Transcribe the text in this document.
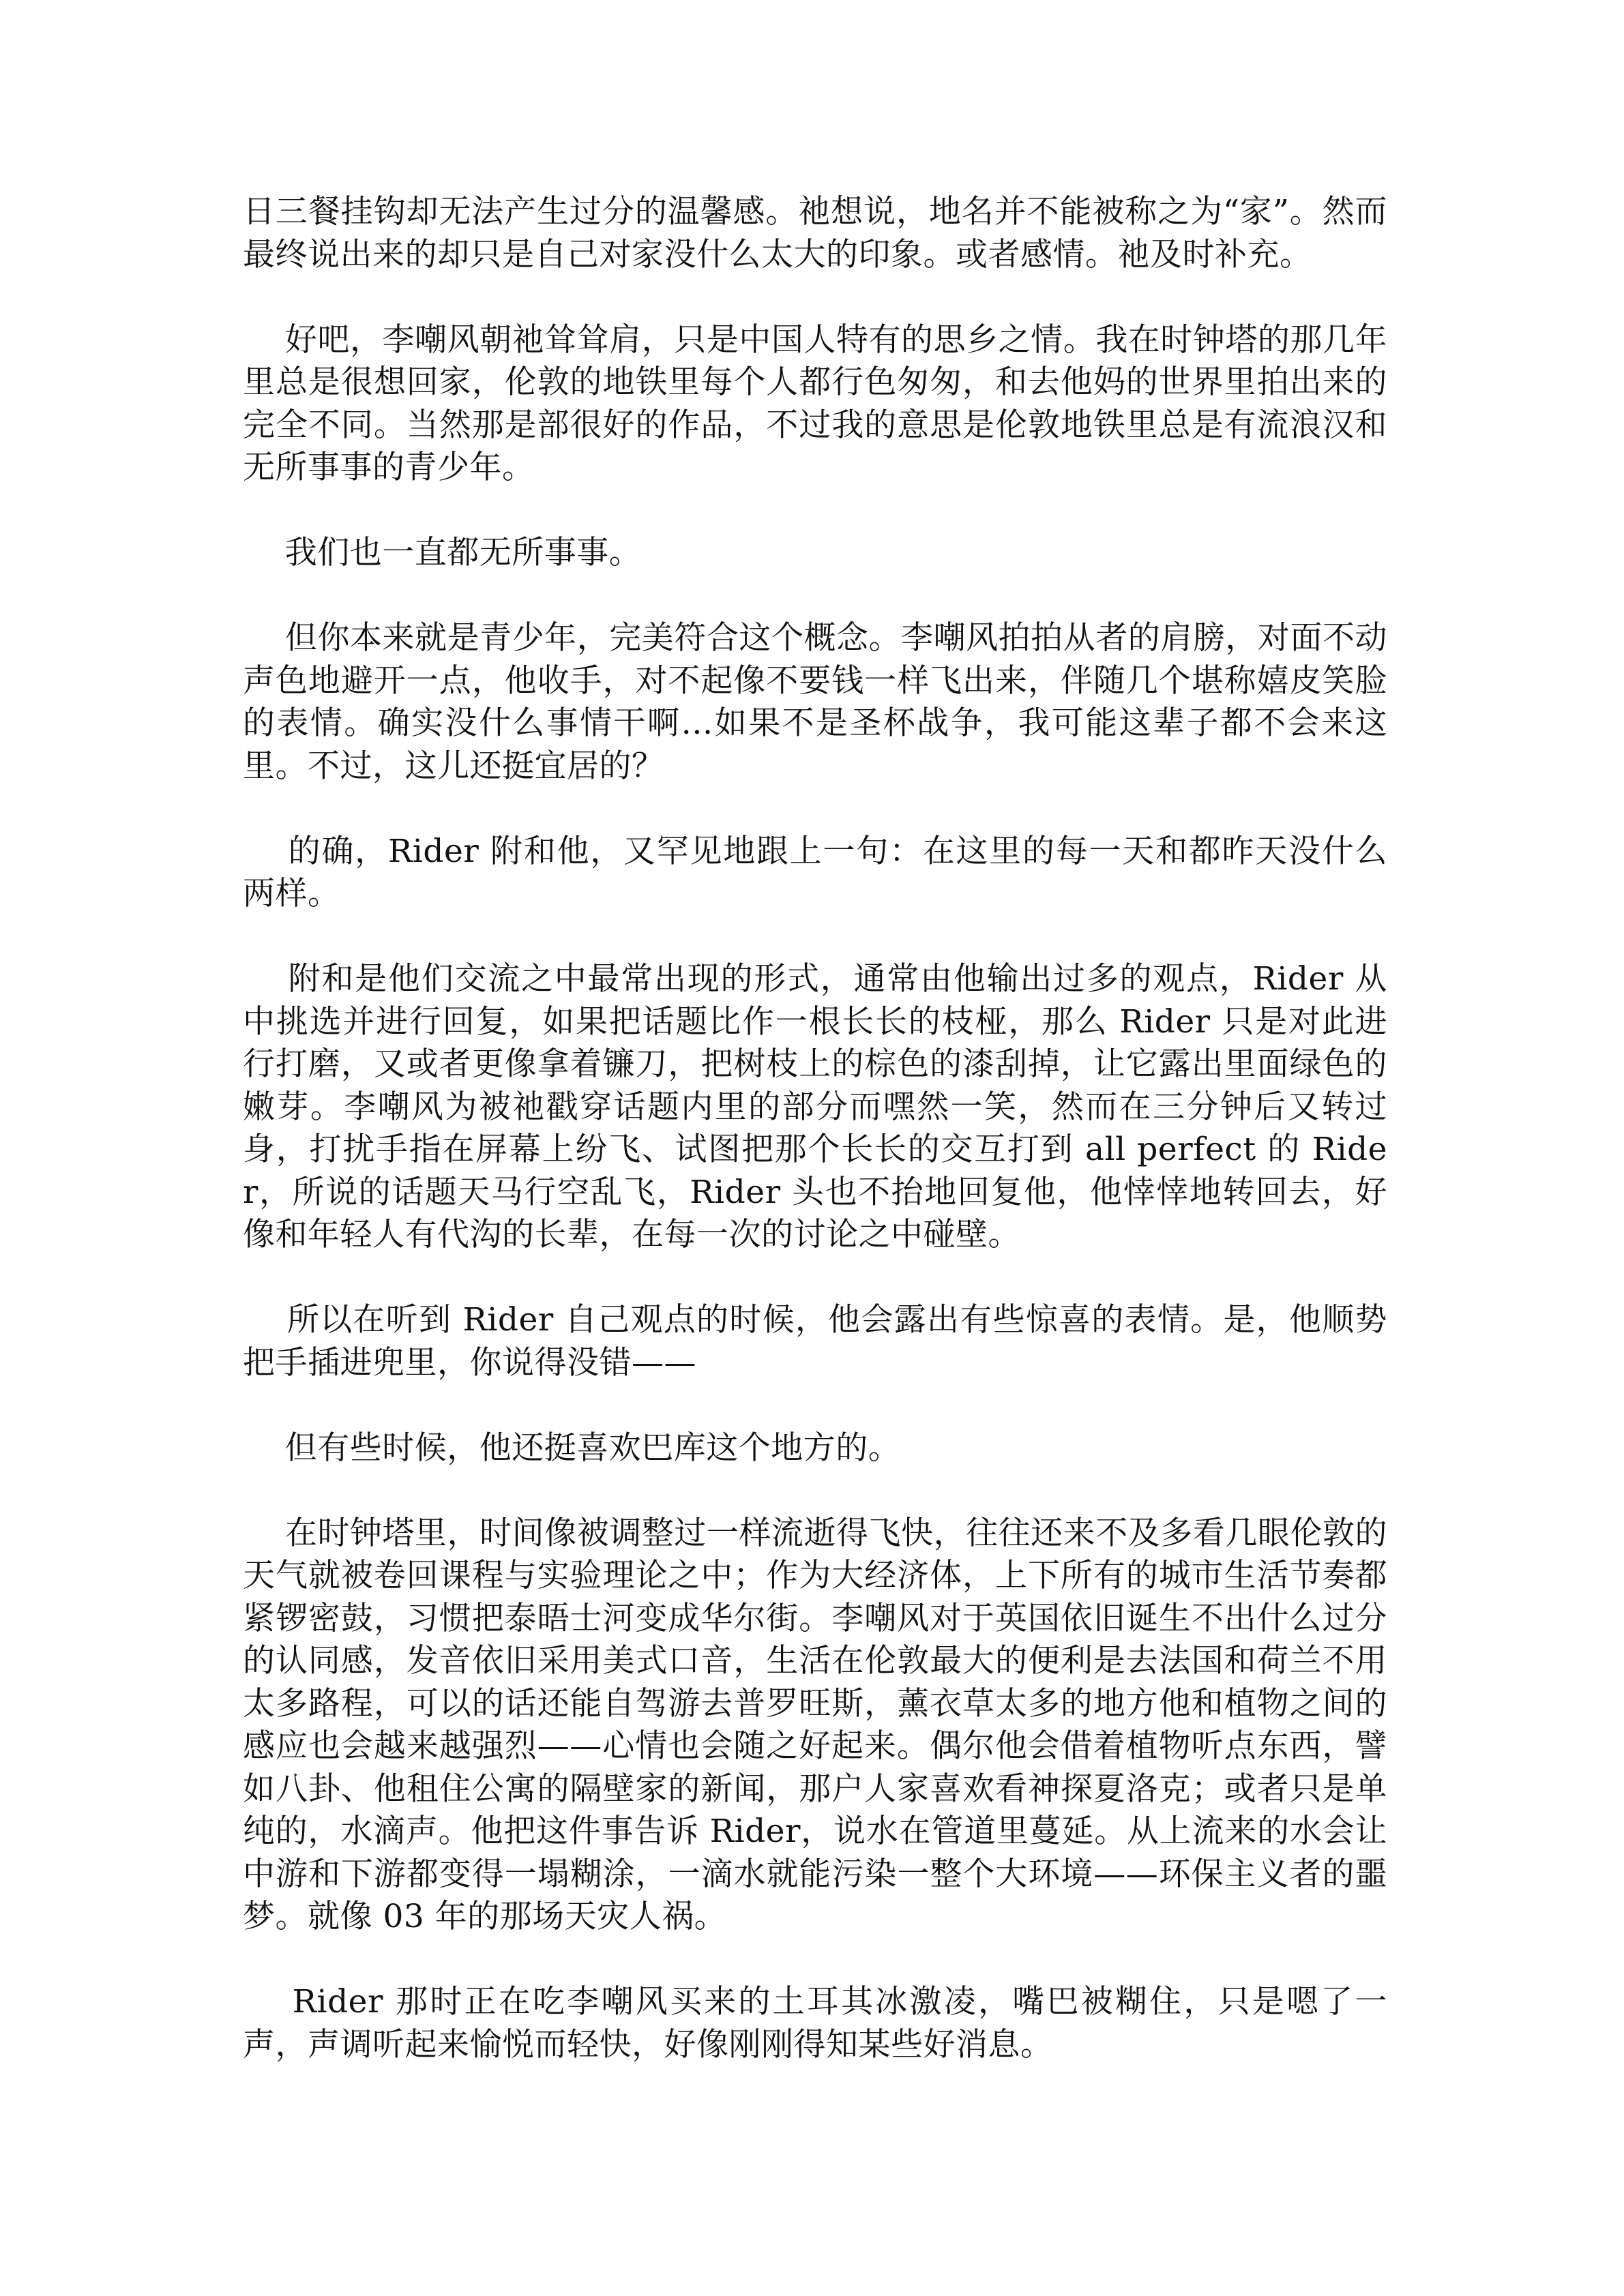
日三餐挂钩却无法产生过分的温馨感。祂想说，地名并不能被称之为“家”。然而最终说出来的却只是自己对家没什么太大的印象。或者感情。祂及时补充。

好吧，李嘲风朝祂耸耸肩，只是中国人特有的思乡之情。我在时钟塔的那几年里总是很想回家，伦敦的地铁里每个人都行色匆匆，和去他妈的世界里拍出来的完全不同。当然那是部很好的作品，不过我的意思是伦敦地铁里总是有流浪汉和无所事事的青少年。

我们也一直都无所事事。

但你本来就是青少年，完美符合这个概念。李嘲风拍拍从者的肩膀，对面不动声色地避开一点，他收手，对不起像不要钱一样飞出来，伴随几个堪称嬉皮笑脸的表情。确实没什么事情干啊…如果不是圣杯战争，我可能这辈子都不会来这里。不过，这儿还挺宜居的？

的确，Rider 附和他，又罕见地跟上一句：在这里的每一天和都昨天没什么两样。

附和是他们交流之中最常出现的形式，通常由他输出过多的观点，Rider 从中挑选并进行回复，如果把话题比作一根长长的枝桠，那么 Rider 只是对此进行打磨，又或者更像拿着镰刀，把树枝上的棕色的漆刮掉，让它露出里面绿色的嫩芽。李嘲风为被祂戳穿话题内里的部分而嘿然一笑，然而在三分钟后又转过身，打扰手指在屏幕上纷飞、试图把那个长长的交互打到 all perfect 的 Rider，所说的话题天马行空乱飞，Rider 头也不抬地回复他，他悻悻地转回去，好像和年轻人有代沟的长辈，在每一次的讨论之中碰壁。

所以在听到 Rider 自己观点的时候，他会露出有些惊喜的表情。是，他顺势把手插进兜里，你说得没错——

但有些时候，他还挺喜欢巴库这个地方的。

在时钟塔里，时间像被调整过一样流逝得飞快，往往还来不及多看几眼伦敦的天气就被卷回课程与实验理论之中；作为大经济体，上下所有的城市生活节奏都紧锣密鼓，习惯把泰晤士河变成华尔街。李嘲风对于英国依旧诞生不出什么过分的认同感，发音依旧采用美式口音，生活在伦敦最大的便利是去法国和荷兰不用太多路程，可以的话还能自驾游去普罗旺斯，薰衣草太多的地方他和植物之间的感应也会越来越强烈——心情也会随之好起来。偶尔他会借着植物听点东西，譬如八卦、他租住公寓的隔壁家的新闻，那户人家喜欢看神探夏洛克；或者只是单纯的，水滴声。他把这件事告诉 Rider，说水在管道里蔓延。从上流来的水会让中游和下游都变得一塌糊涂，一滴水就能污染一整个大环境——环保主义者的噩梦。就像 03 年的那场天灾人祸。

Rider 那时正在吃李嘲风买来的土耳其冰激凌，嘴巴被糊住，只是嗯了一声，声调听起来愉悦而轻快，好像刚刚得知某些好消息。
